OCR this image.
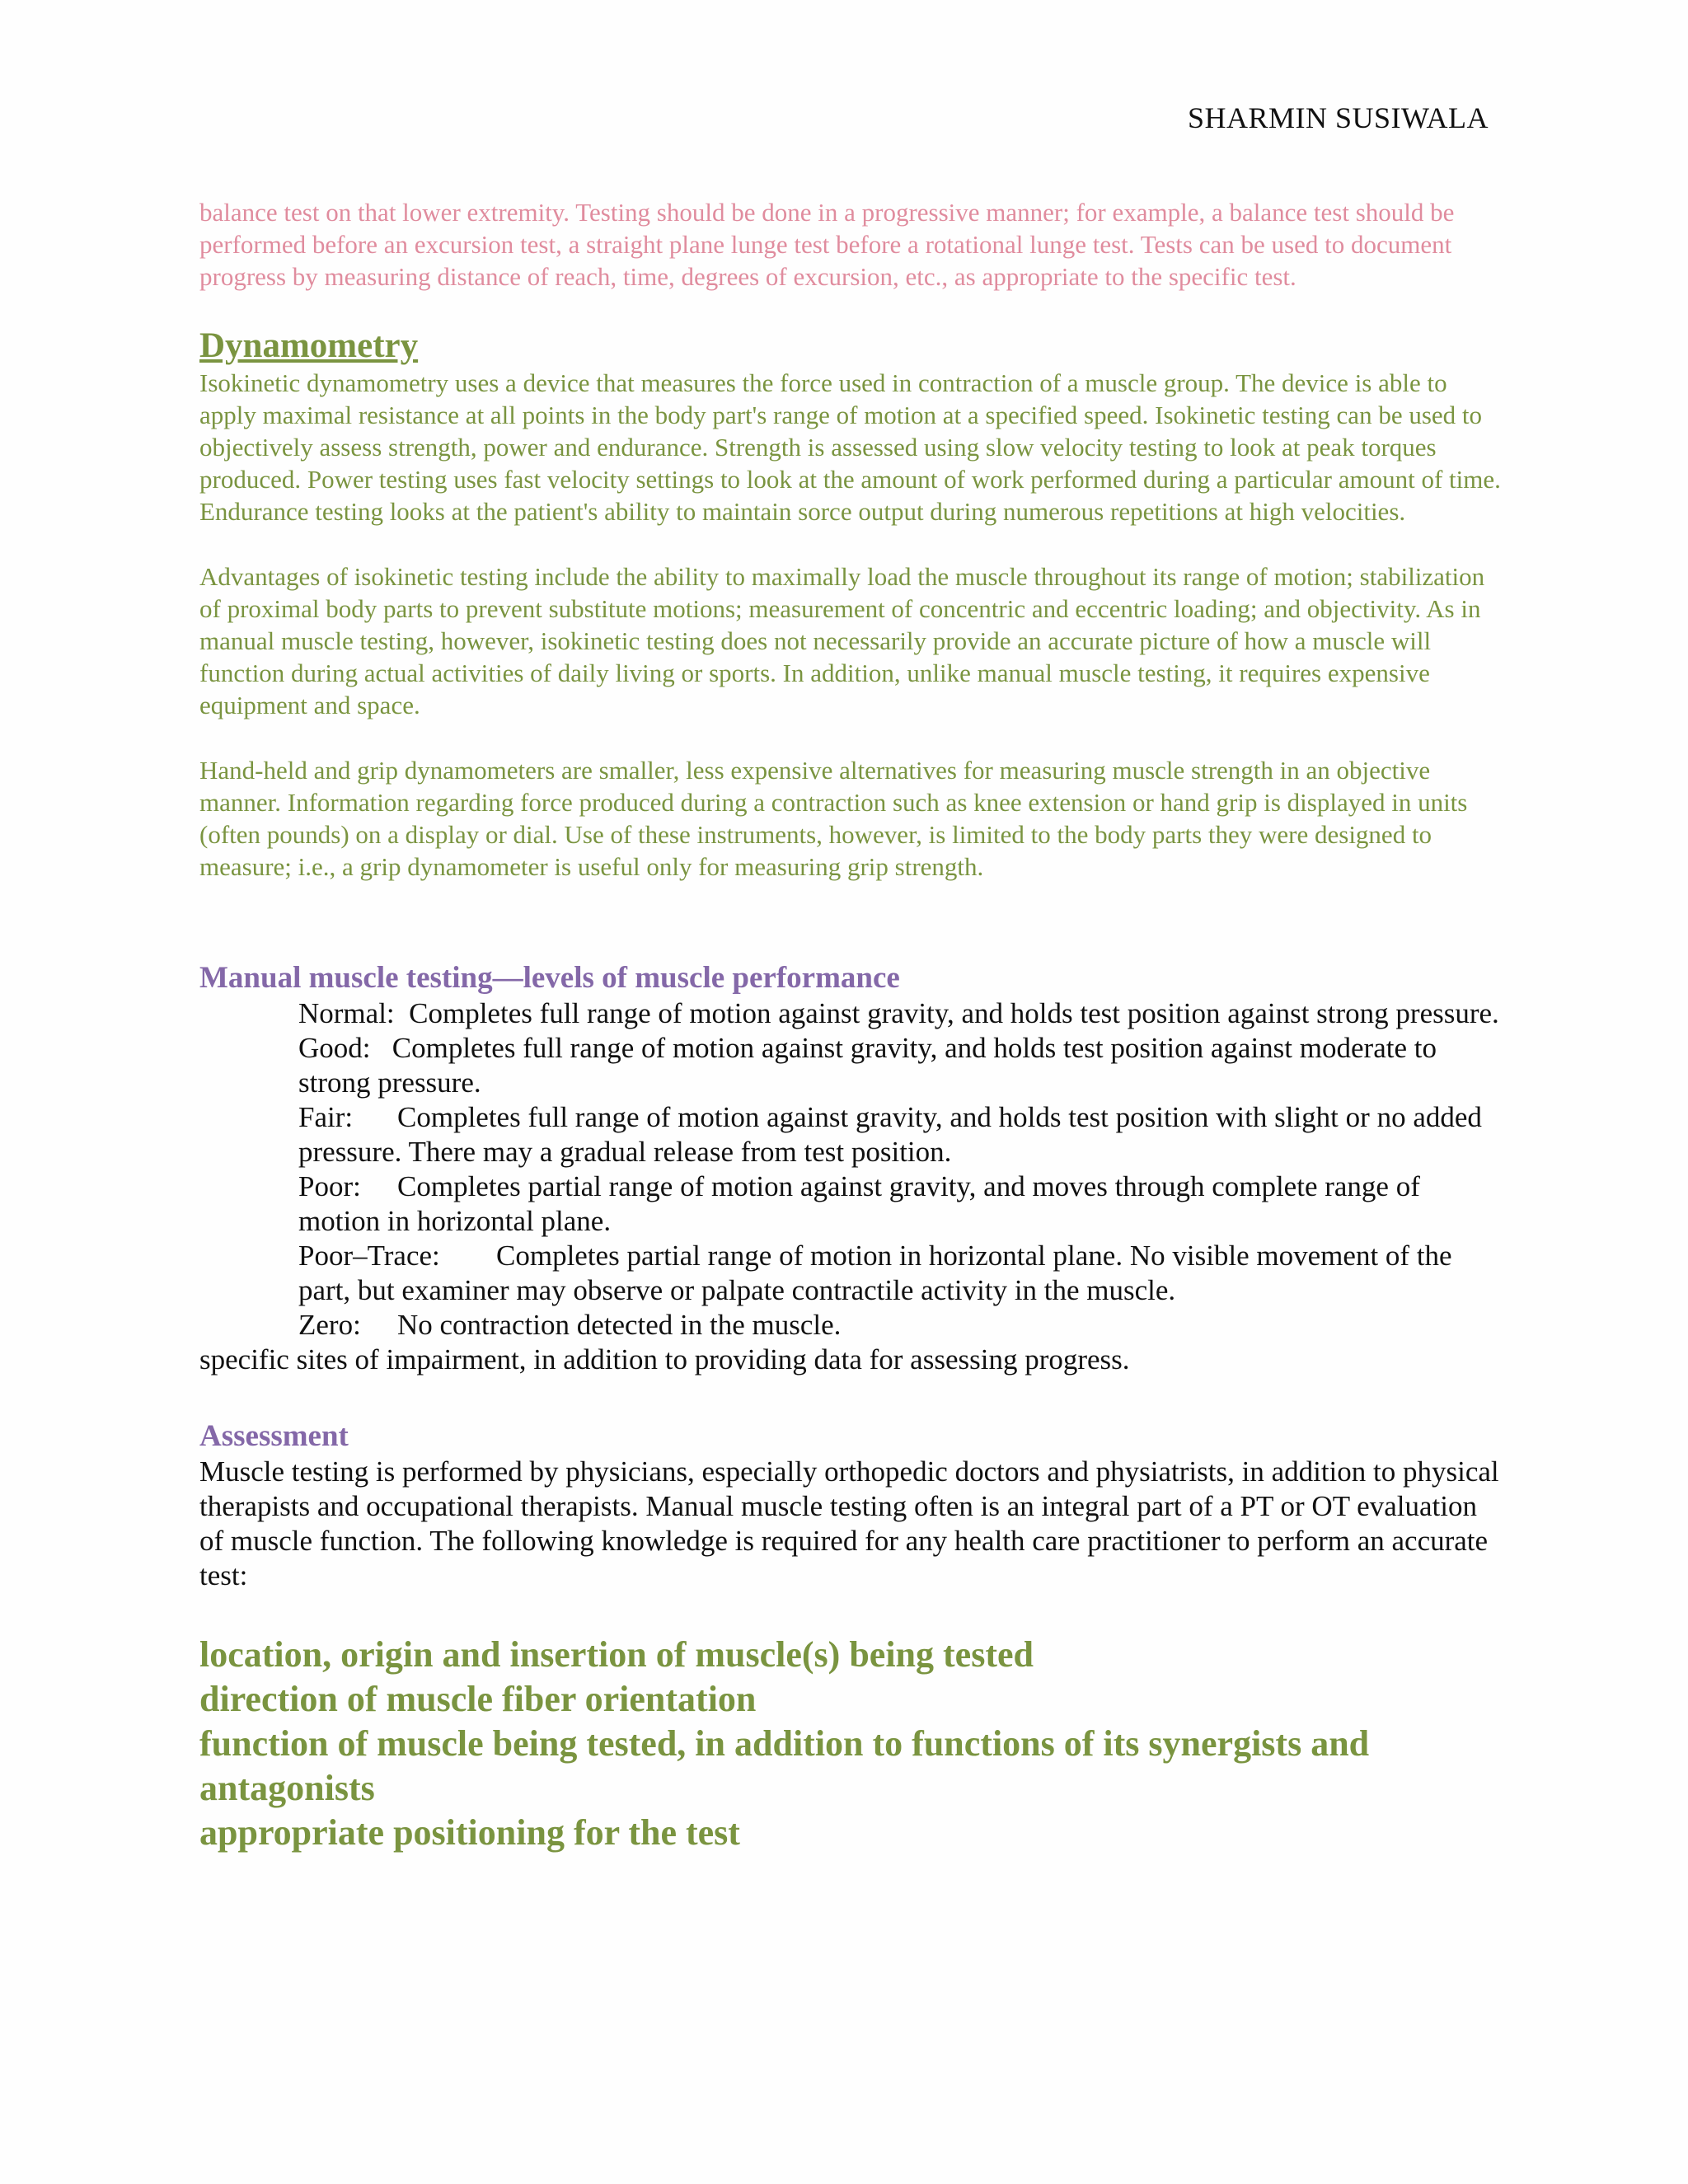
SHARMIN SUSIWALA

balance test on that lower extremity. Testing should be done in a progressive manner; for example, a balance test should be performed before an excursion test, a straight plane lunge test before a rotational lunge test. Tests can be used to document progress by measuring distance of reach, time, degrees of excursion, etc., as appropriate to the specific test.

Dynamometry

Isokinetic dynamometry uses a device that measures the force used in contraction of a muscle group. The device is able to apply maximal resistance at all points in the body part's range of motion at a specified speed. Isokinetic testing can be used to objectively assess strength, power and endurance. Strength is assessed using slow velocity testing to look at peak torques produced. Power testing uses fast velocity settings to look at the amount of work performed during a particular amount of time. Endurance testing looks at the patient's ability to maintain sorce output during numerous repetitions at high velocities.

Advantages of isokinetic testing include the ability to maximally load the muscle throughout its range of motion; stabilization of proximal body parts to prevent substitute motions; measurement of concentric and eccentric loading; and objectivity. As in manual muscle testing, however, isokinetic testing does not necessarily provide an accurate picture of how a muscle will function during actual activities of daily living or sports. In addition, unlike manual muscle testing, it requires expensive equipment and space.

Hand-held and grip dynamometers are smaller, less expensive alternatives for measuring muscle strength in an objective manner. Information regarding force produced during a contraction such as knee extension or hand grip is displayed in units (often pounds) on a display or dial. Use of these instruments, however, is limited to the body parts they were designed to measure; i.e., a grip dynamometer is useful only for measuring grip strength.

Manual muscle testing—levels of muscle performance

Normal: Completes full range of motion against gravity, and holds test position against strong pressure.

Good: Completes full range of motion against gravity, and holds test position against moderate to strong pressure.

Fair: Completes full range of motion against gravity, and holds test position with slight or no added pressure. There may a gradual release from test position.

Poor: Completes partial range of motion against gravity, and moves through complete range of motion in horizontal plane.

Poor–Trace: Completes partial range of motion in horizontal plane. No visible movement of the part, but examiner may observe or palpate contractile activity in the muscle.

Zero: No contraction detected in the muscle.

specific sites of impairment, in addition to providing data for assessing progress.

Assessment

Muscle testing is performed by physicians, especially orthopedic doctors and physiatrists, in addition to physical therapists and occupational therapists. Manual muscle testing often is an integral part of a PT or OT evaluation of muscle function. The following knowledge is required for any health care practitioner to perform an accurate test:

location, origin and insertion of muscle(s) being tested
direction of muscle fiber orientation
function of muscle being tested, in addition to functions of its synergists and antagonists
appropriate positioning for the test
